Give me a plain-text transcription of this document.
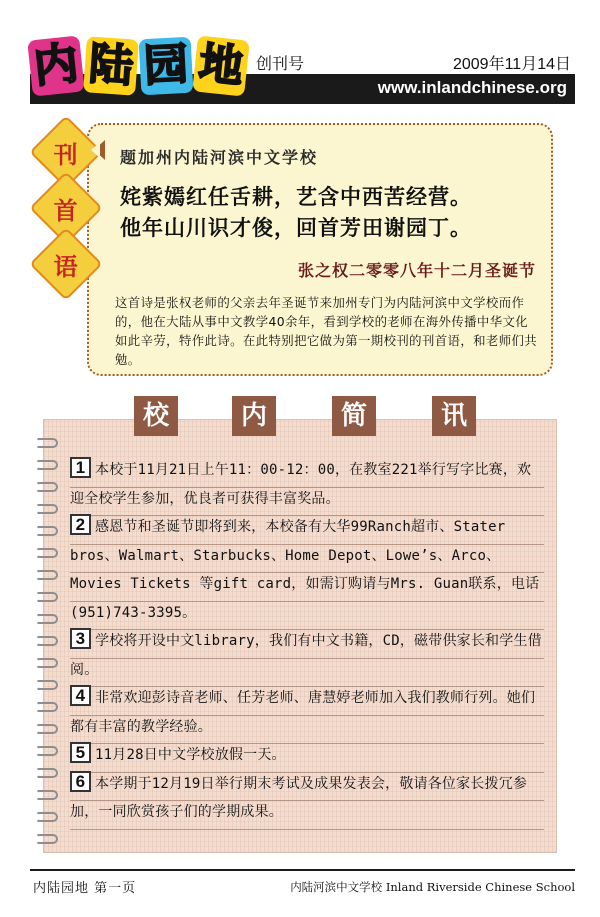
www.inlandchinese.org
内 陆 园 地 创刊号	2009年11月14日
刊
首
语
题加州内陆河滨中文学校
姹紫嫣红任舌耕，艺含中西苦经营。
他年山川识才俊，回首芳田谢园丁。
张之权二零零八年十二月圣诞节
这首诗是张权老师的父亲去年圣诞节来加州专门为内陆河滨中文学校而作的，他在大陆从事中文教学40余年，看到学校的老师在海外传播中华文化如此辛劳，特作此诗。在此特别把它做为第一期校刊的刊首语，和老师们共勉。
校	内	简	讯
1 本校于11月21日上午11：00-12：00，在教室221举行写字比赛，欢迎全校学生参加，优良者可获得丰富奖品。
2 感恩节和圣诞节即将到来，本校备有大华99Ranch超市、Stater bros、Walmart、Starbucks、Home Depot、Lowe’s、Arco、Movies Tickets 等gift card，如需订购请与Mrs. Guan联系，电话(951)743-3395。
3 学校将开设中文library，我们有中文书籍，CD，磁带供家长和学生借阅。
4 非常欢迎彭诗音老师、任芳老师、唐慧婷老师加入我们教师行列。她们都有丰富的教学经验。
5 11月28日中文学校放假一天。
6 本学期于12月19日举行期末考试及成果发表会，敬请各位家长拨冗参加，一同欣赏孩子们的学期成果。
内陆园地 第一页	内陆河滨中文学校 Inland Riverside Chinese School
